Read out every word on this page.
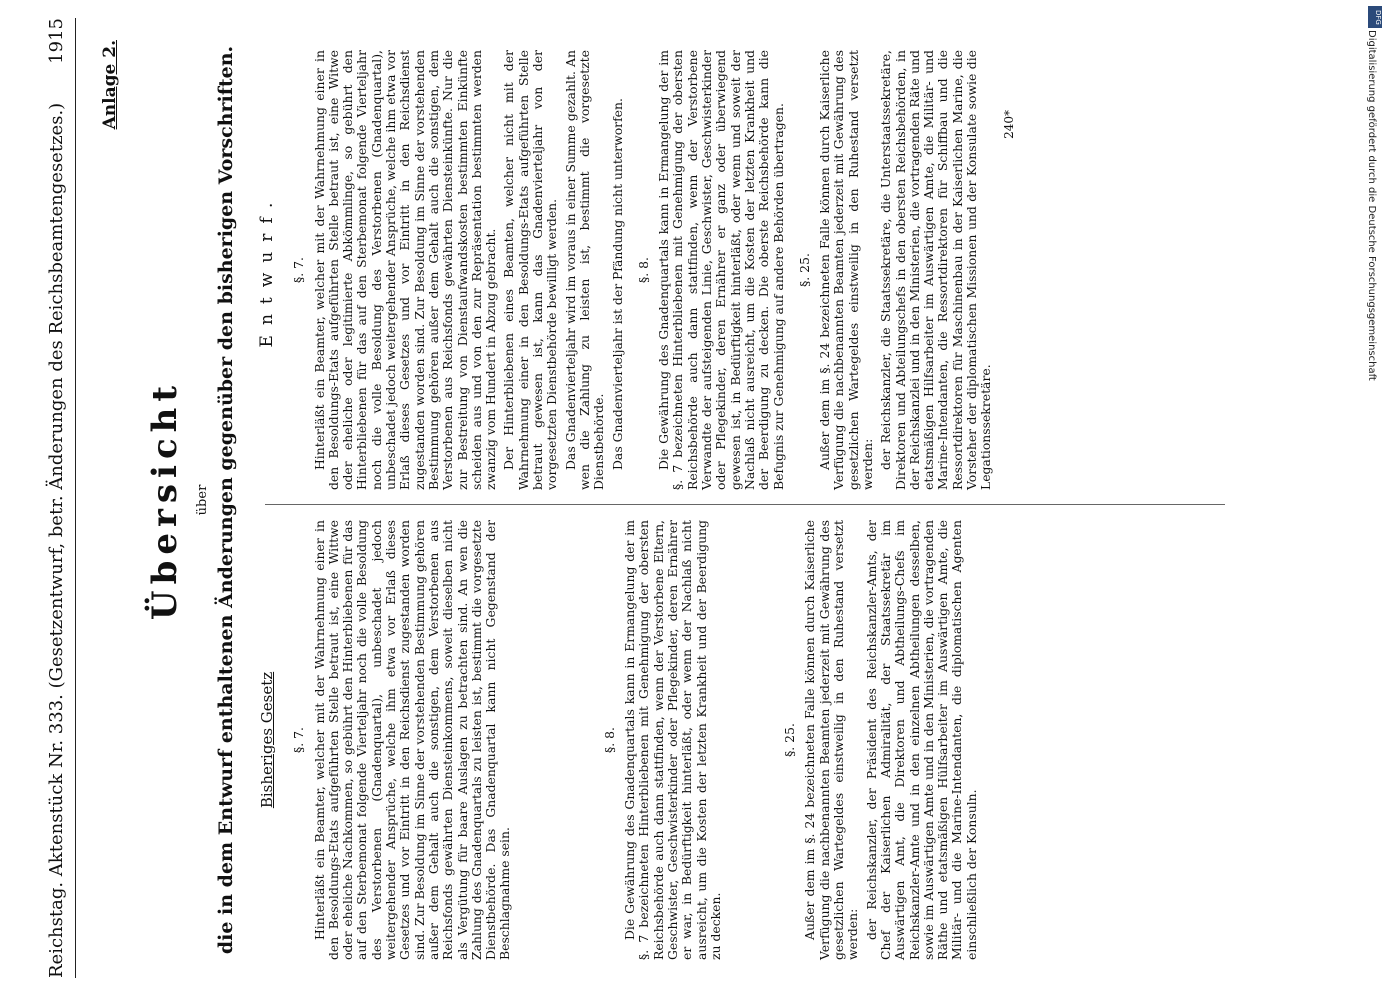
Reichstag. Aktenstück Nr. 333. (Gesetzentwurf, betr. Änderungen des Reichsbeamtengesetzes.)
1915 Anlage 2.
Übersicht über die in dem Entwurf enthaltenen Änderungen gegenüber den bisherigen Vorschriften. Bisheriges Gesetz §. 7. Hinterläßt ein Beamter, welcher mit der Wahrnehmung einer in den Besoldungs-Etats aufgeführten Stelle betraut ist, eine Wittwe oder eheliche Nachkommen, so gebührt den Hinterbliebenen für das auf den Sterbemonat folgende Vierteljahr noch die volle Besoldung des Verstorbenen (Gnadenquartal), unbeschadet jedoch weitergehender Ansprüche, welche ihm etwa vor Erlaß dieses Gesetzes und vor Eintritt in den Reichsdienst zugestanden worden sind. Zur Besoldung im Sinne der vorstehenden Bestimmung gehören außer dem Gehalt auch die sonstigen, dem Verstorbenen aus Reichsfonds gewährten Diensteinkommens, soweit dieselben nicht als Vergütung für baare Auslagen zu betrachten sind. An wen die Zahlung des Gnadenquartals zu leisten ist, bestimmt die vorgesetzte Dienstbehörde. Das Gnadenquartal kann nicht Gegenstand der Beschlagnahme sein.

§. 8. Die Gewährung des Gnadenquartals kann in Ermangelung der im §. 7 bezeichneten Hinterbliebenen mit Genehmigung der obersten Reichsbehörde auch dann stattfinden, wenn der Verstorbene Eltern, Geschwister, Geschwisterkinder oder Pflegekinder, deren Ernährer er war, in Bedürftigkeit hinterläßt, oder wenn der Nachlaß nicht ausreicht, um die Kosten der letzten Krankheit und der Beerdigung zu decken.

§. 25. Außer dem im §. 24 bezeichneten Falle können durch Kaiserliche Verfügung die nachbenannten Beamten jederzeit mit Gewährung des gesetzlichen Wartegeldes einstweilig in den Ruhestand versetzt werden: der Reichskanzler, der Präsident des Reichskanzler-Amts, der Chef der Kaiserlichen Admiralität, der Staatssekretär im Auswärtigen Amt, die Direktoren und Abtheilungs-Chefs im Reichskanzler-Amte und in den einzelnen Abtheilungen desselben, sowie im Auswärtigen Amte und in den Ministerien, die vortragenden Räthe und etatsmäßigen Hülfsarbeiter im Auswärtigen Amte, die Militär- und die Marine-Intendanten, die diplomatischen Agenten einschließlich der Konsuln.

Entwurf. §. 7. Hinterläßt ein Beamter, welcher mit der Wahrnehmung einer in den Besoldungs-Etats aufgeführten Stelle betraut ist, eine Witwe oder eheliche oder legitimierte Abkömmlinge, so gebührt den Hinterbliebenen für das auf den Sterbemonat folgende Vierteljahr noch die volle Besoldung des Verstorbenen (Gnadenquartal), unbeschadet jedoch weitergehender Ansprüche, welche ihm etwa vor Erlaß dieses Gesetzes und vor Eintritt in den Reichsdienst zugestanden worden sind. Zur Besoldung im Sinne der vorstehenden Bestimmung gehören außer dem Gehalt auch die sonstigen, dem Verstorbenen aus Reichsfonds gewährten Diensteinkünfte. Nur die zur Bestreitung von Dienstaufwandskosten bestimmten Einkünfte scheiden aus und von den zur Repräsentation bestimmten werden zwanzig vom Hundert in Abzug gebracht. Der Hinterbliebenen eines Beamten, welcher nicht mit der Wahrnehmung einer in den Besoldungs-Etats aufgeführten Stelle betraut gewesen ist, kann das Gnadenvierteljahr von der vorgesetzten Dienstbehörde bewilligt werden. Das Gnadenvierteljahr wird im voraus in einer Summe gezahlt. An wen die Zahlung zu leisten ist, bestimmt die vorgesetzte Dienstbehörde. Das Gnadenvierteljahr ist der Pfändung nicht unterworfen. §. 8. Die Gewährung des Gnadenquartals kann in Ermangelung der im §. 7 bezeichneten Hinterbliebenen mit Genehmigung der obersten Reichsbehörde auch dann stattfinden, wenn der Verstorbene Verwandte der aufsteigenden Linie, Geschwister, Geschwisterkinder oder Pflegekinder, deren Ernährer er ganz oder überwiegend gewesen ist, in Bedürftigkeit hinterläßt, oder wenn und soweit der Nachlaß nicht ausreicht, um die Kosten der letzten Krankheit und der Beerdigung zu decken. Die oberste Reichsbehörde kann die Befugnis zur Genehmigung auf andere Behörden übertragen. §. 25. Außer dem im §. 24 bezeichneten Falle können durch Kaiserliche Verfügung die nachbenannten Beamten jederzeit mit Gewährung des gesetzlichen Wartegeldes einstweilig in den Ruhestand versetzt werden: der Reichskanzler, die Staatssekretäre, die Unterstaatssekretäre, Direktoren und Abteilungschefs in den obersten Reichsbehörden, in der Reichskanzlei und in den Ministerien, die vortragenden Räte und etatsmäßigen Hilfsarbeiter im Auswärtigen Amte, die Militär- und Marine-Intendanten, die Ressortdirektoren für Schiffbau und die Ressortdirektoren für Maschinenbau in der Kaiserlichen Marine, die Vorsteher der diplomatischen Missionen und der Konsulate sowie die Legationssekretäre.

240*
DFG
Digitalisierung gefördert durch die Deutsche Forschungsgemeinschaft
